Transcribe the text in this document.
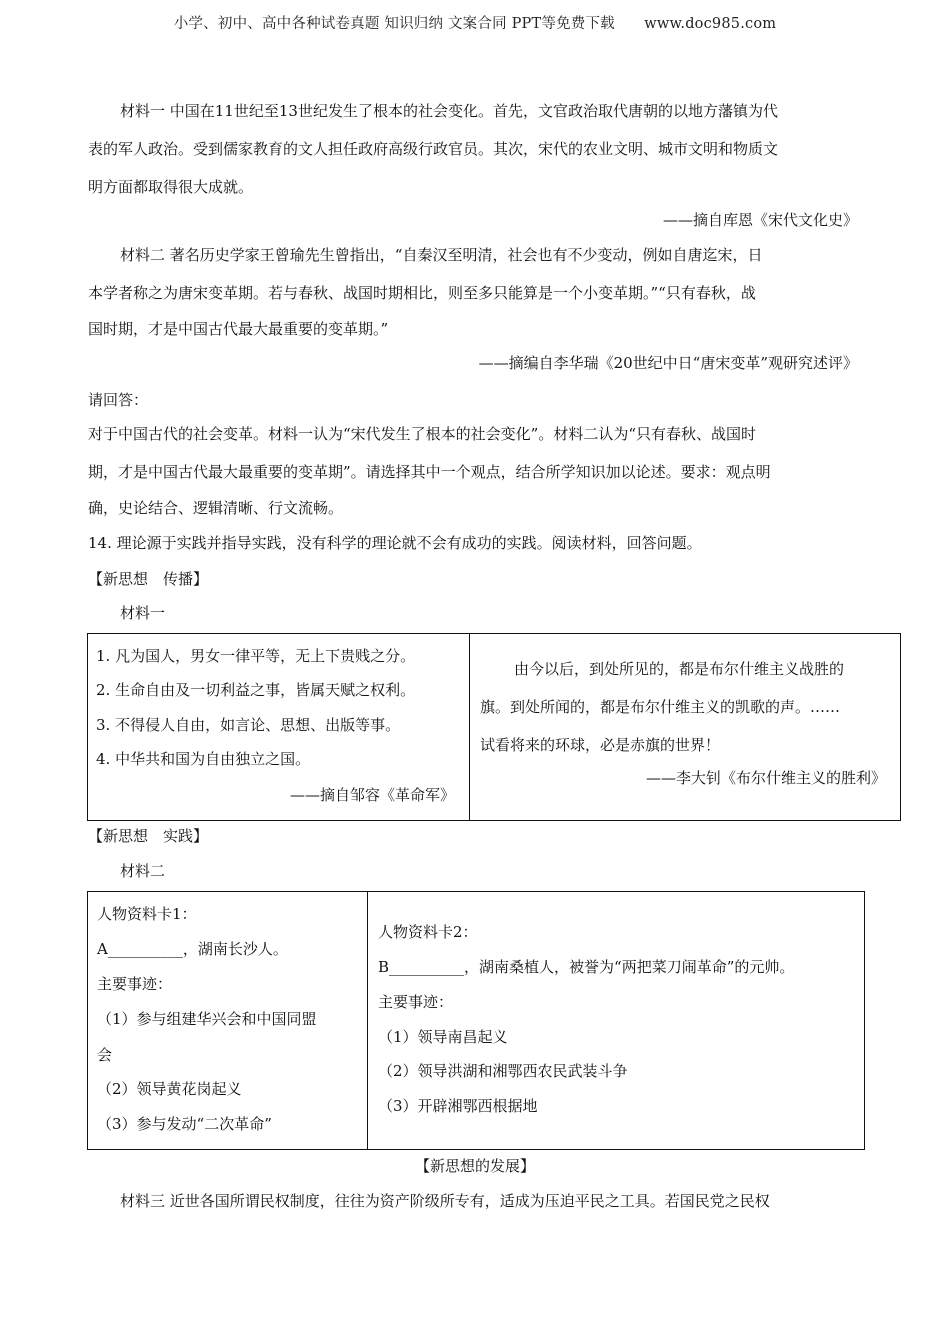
小学、初中、高中各种试卷真题 知识归纳 文案合同 PPT等免费下载　　www.doc985.com
材料一 中国在11世纪至13世纪发生了根本的社会变化。首先，文官政治取代唐朝的以地方藩镇为代
表的军人政治。受到儒家教育的文人担任政府高级行政官员。其次，宋代的农业文明、城市文明和物质文
明方面都取得很大成就。
——摘自库恩《宋代文化史》
材料二 著名历史学家王曾瑜先生曾指出，“自秦汉至明清，社会也有不少变动，例如自唐迄宋，日
本学者称之为唐宋变革期。若与春秋、战国时期相比，则至多只能算是一个小变革期。”“只有春秋，战
国时期，才是中国古代最大最重要的变革期。”
——摘编自李华瑞《20世纪中日“唐宋变革”观研究述评》
请回答：
对于中国古代的社会变革。材料一认为“宋代发生了根本的社会变化”。材料二认为“只有春秋、战国时
期，才是中国古代最大最重要的变革期”。请选择其中一个观点，结合所学知识加以论述。要求：观点明
确，史论结合、逻辑清晰、行文流畅。
14. 理论源于实践并指导实践，没有科学的理论就不会有成功的实践。阅读材料，回答问题。
【新思想　传播】
材料一
1. 凡为国人，男女一律平等，无上下贵贱之分。
2. 生命自由及一切利益之事，皆属天赋之权利。
3. 不得侵人自由，如言论、思想、出版等事。
4. 中华共和国为自由独立之国。
——摘自邹容《革命军》

由今以后，到处所见的，都是布尔什维主义战胜的
旗。到处所闻的，都是布尔什维主义的凯歌的声。……
试看将来的环球，必是赤旗的世界！
——李大钊《布尔什维主义的胜利》
【新思想　实践】
材料二
人物资料卡1：
A__________，湖南长沙人。
主要事迹：
（1）参与组建华兴会和中国同盟
会
（2）领导黄花岗起义
（3）参与发动“二次革命”

人物资料卡2：
B__________，湖南桑植人，被誉为“两把菜刀闹革命”的元帅。
主要事迹：
（1）领导南昌起义
（2）领导洪湖和湘鄂西农民武装斗争
（3）开辟湘鄂西根据地
【新思想的发展】
材料三 近世各国所谓民权制度，往往为资产阶级所专有，适成为压迫平民之工具。若国民党之民权
